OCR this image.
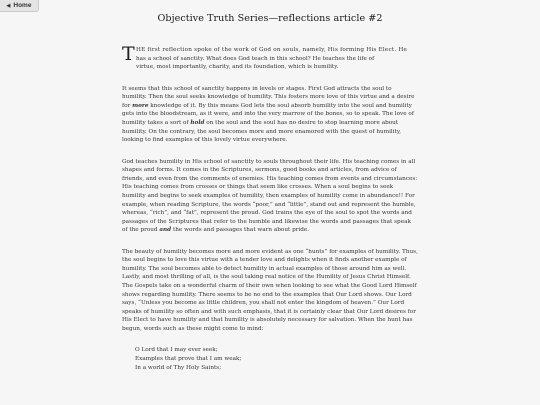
◀ Home
Objective Truth Series—reflections article #2

T HE first reflection spoke of the work of God on souls, namely, His forming His Elect. He
has a school of sanctity. What does God teach in this school? He teaches the life of
virtue, most importantly, charity, and its foundation, which is humility.

It seems that this school of sanctity happens in levels or stages. First God attracts the soul to humility. Then the soul seeks knowledge of humility. This fosters more love of this virtue and a desire for more knowledge of it. By this means God lets the soul absorb humility into the soul and humility gets into the bloodstream, as it were, and into the very marrow of the bones, so to speak. The love of humility takes a sort of hold on the soul and the soul has no desire to stop learning more about humility. On the contrary, the soul becomes more and more enamored with the quest of humility, looking to find examples of this lovely virtue everywhere.

God teaches humility in His school of sanctity to souls throughout their life. His teaching comes in all shapes and forms. It comes in the Scriptures, sermons, good books and articles, from advice of friends, and even from the comments of enemies. His teaching comes from events and circumstances: His teaching comes from crosses or things that seem like crosses. When a soul begins to seek humility and begins to seek examples of humility, then examples of humility come in abundance!! For example, when reading Scripture, the words “poor,” and “little”, stand out and represent the humble, whereas, “rich”, and “fat”, represent the proud. God trains the eye of the soul to spot the words and passages of the Scriptures that refer to the humble and likewise the words and passages that speak of the proud and the words and passages that warn about pride.

The beauty of humility becomes more and more evident as one “hunts” for examples of humility. Thus, the soul begins to love this virtue with a tender love and delights when it finds another example of humility. The soul becomes able to detect humility in actual examples of those around him as well. Lastly, and most thrilling of all, is the soul taking real notice of the Humility of Jesus Christ Himself. The Gospels take on a wonderful charm of their own when looking to see what the Good Lord Himself shows regarding humility. There seems to be no end to the examples that Our Lord shows. Our Lord says, “Unless you become as little children, you shall not enter the kingdom of heaven.” Our Lord speaks of humility so often and with such emphasis, that it is certainly clear that Our Lord desires for His Elect to have humility and that humility is absolutely necessary for salvation. When the hunt has begun, words such as these might come to mind:

O Lord that I may ever seek;
Examples that prove that I am weak;
In a world of Thy Holy Saints;
